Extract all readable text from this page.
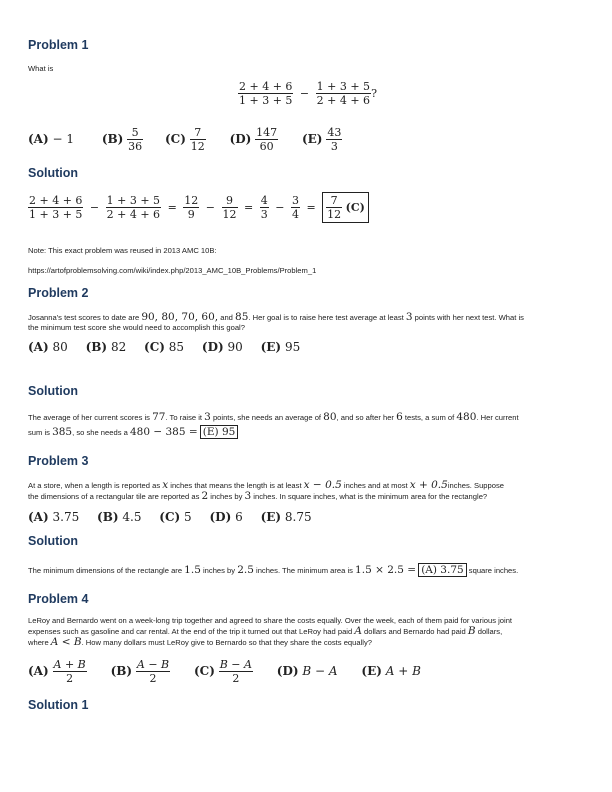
Problem 1
What is
$\frac{2 + 4 + 6}{1 + 3 + 5} - \frac{1 + 3 + 5}{2 + 4 + 6}$ ?
(A) − 1 $(B) \frac{5}{36} (C) \frac{7}{12} (D) \frac{147}{60} (E) \frac{43}{3}$
Solution
$\frac{2 + 4 + 6}{1 + 3 + 5} - \frac{1 + 3 + 5}{2 + 4 + 6} = \frac{12}{9} - \frac{9}{12} = \frac{4}{3} - \frac{3}{4} = \frac{7}{12} (C)$
Note: This exact problem was reused in 2013 AMC 10B:
https://artofproblemsolving.com/wiki/index.php/2013_AMC_10B_Problems/Problem_1
Problem 2
Josanna's test scores to date are 90, 80, 70, 60, and 85. Her goal is to raise here test average at least 3 points with her next test. What is
the minimum test score she would need to accomplish this goal?
(A) 80 (B) 82 (C) 85 (D) 90 (E) 95
Solution
The average of her current scores is 77. To raise it 3 points, she needs an average of 80, and so after her 6 tests, a sum of 480. Her current
sum is 385, so she needs a 480 − 385 = (E) 95
Problem 3
At a store, when a length is reported as x inches that means the length is at least x − 0.5 inches and at most x + 0.5inches. Suppose
the dimensions of a rectangular tile are reported as 2 inches by 3 inches. In square inches, what is the minimum area for the rectangle?
(A) 3.75 (B) 4.5 (C) 5 (D) 6 (E) 8.75
Solution
The minimum dimensions of the rectangle are 1.5 inches by 2.5 inches. The minimum area is 1.5 × 2.5 = (A) 3.75 square inches.
Problem 4
LeRoy and Bernardo went on a week-long trip together and agreed to share the costs equally. Over the week, each of them paid for various joint
expenses such as gasoline and car rental. At the end of the trip it turned out that LeRoy had paid A dollars and Bernardo had paid B dollars,
where A < B. How many dollars must LeRoy give to Bernardo so that they share the costs equally?
$(A) \frac{A + B}{2} (B) \frac{A - B}{2} (C) \frac{B - A}{2} (D) B - A$ (E) A + B
Solution 1
